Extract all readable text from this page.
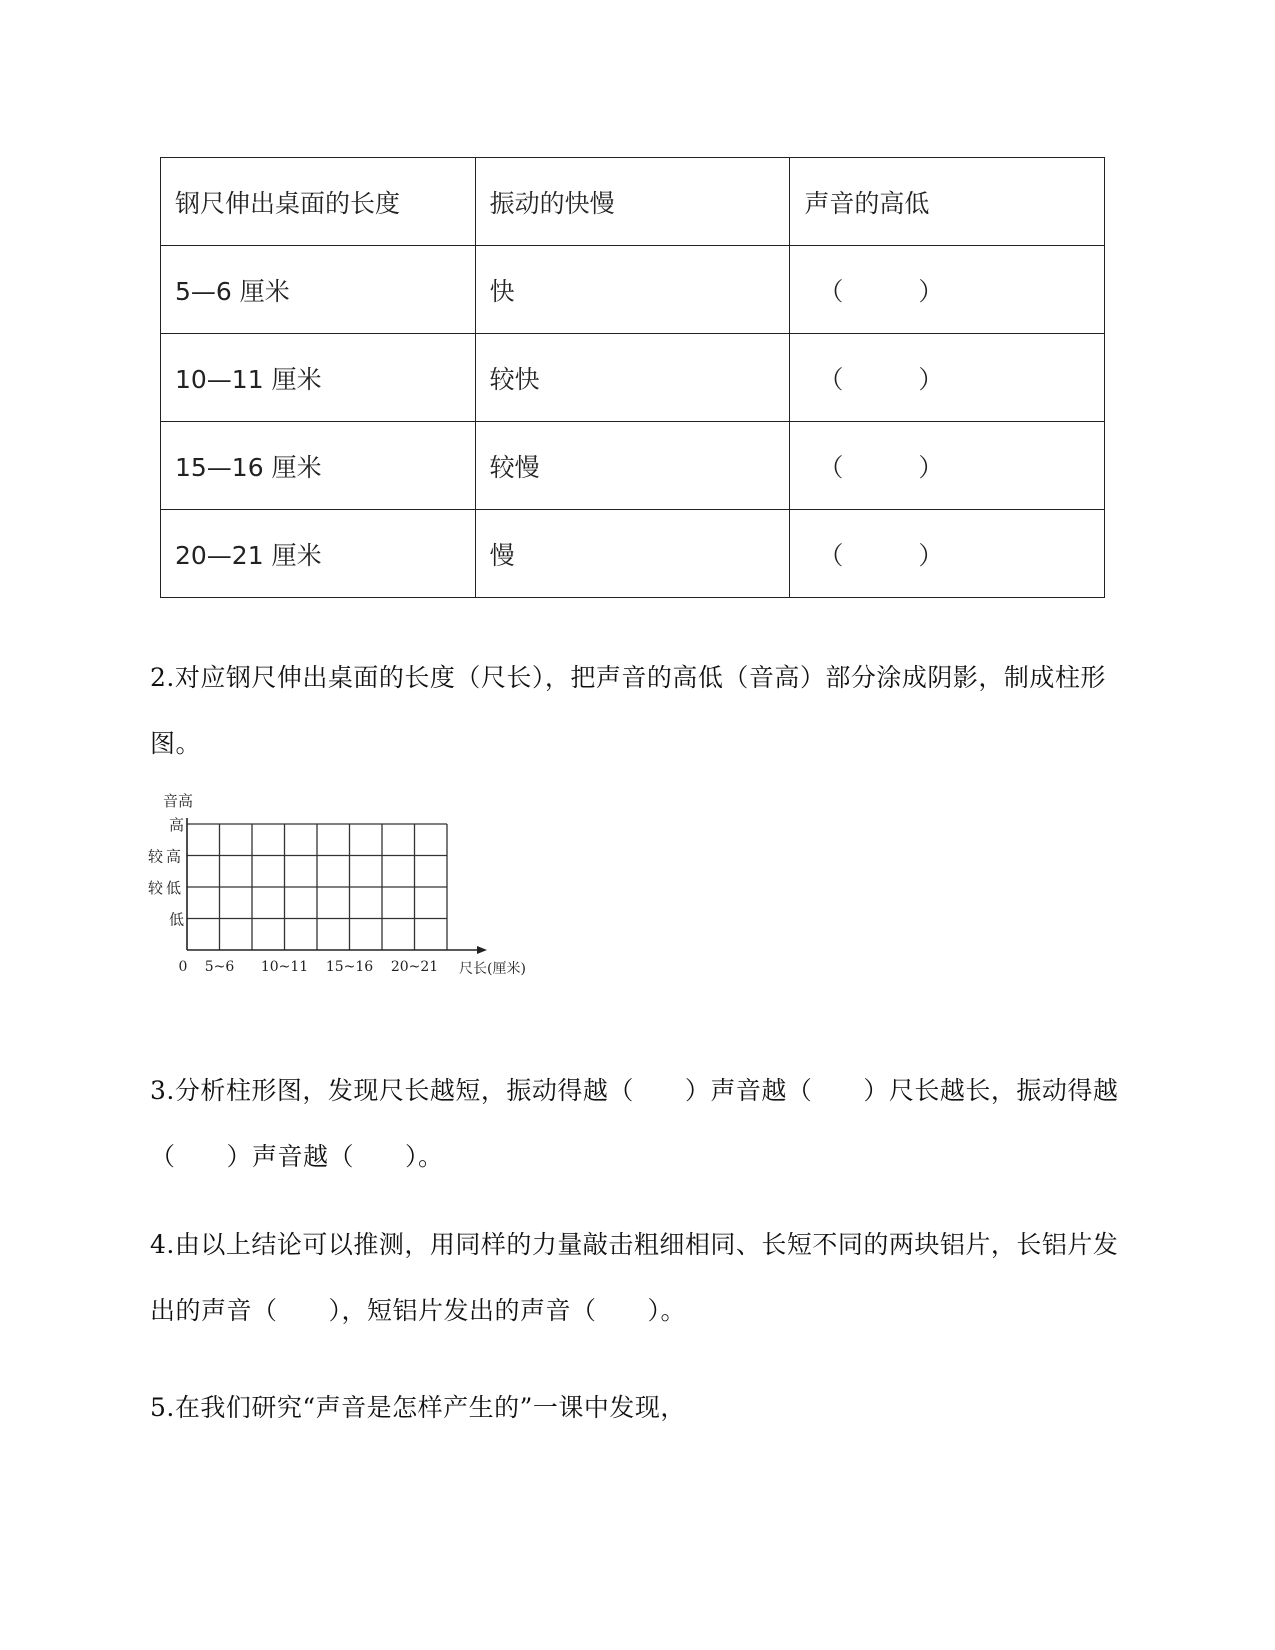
钢尺伸出桌面的长度	振动的快慢	声音的高低
5—6 厘米	快	（　　　）
10—11 厘米	较快	（　　　）
15—16 厘米	较慢	（　　　）
20—21 厘米	慢	（　　　）
2.对应钢尺伸出桌面的长度（尺长），把声音的高低（音高）部分涂成阴影，制成柱形图。
音高
低
较低
较高
高
0 5~6 10~11 15~16 20~21 尺长(厘米)
3.分析柱形图，发现尺长越短，振动得越（　　）声音越（　　）尺长越长，振动得越（　　）声音越（　　）。
4.由以上结论可以推测，用同样的力量敲击粗细相同、长短不同的两块铝片，长铝片发出的声音（　　），短铝片发出的声音（　　）。
5.在我们研究“声音是怎样产生的”一课中发现，
